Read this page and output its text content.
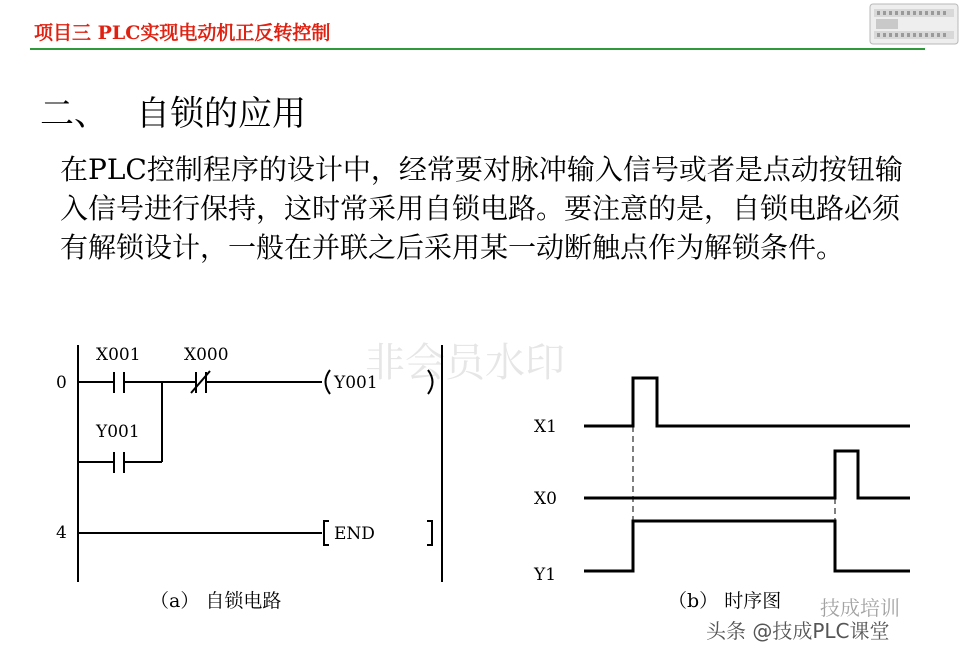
项目三 PLC实现电动机正反转控制
二、 自锁的应用
在PLC控制程序的设计中，经常要对脉冲输入信号或者是点动按钮输入信号进行保持，这时常采用自锁电路。要注意的是，自锁电路必须有解锁设计，一般在并联之后采用某一动断触点作为解锁条件。
非会员水印
0
X001	X000
Y001
Y001
4	END
（a） 自锁电路
X1
X0
Y1
（b） 时序图 技成培训
头条 @技成PLC课堂
